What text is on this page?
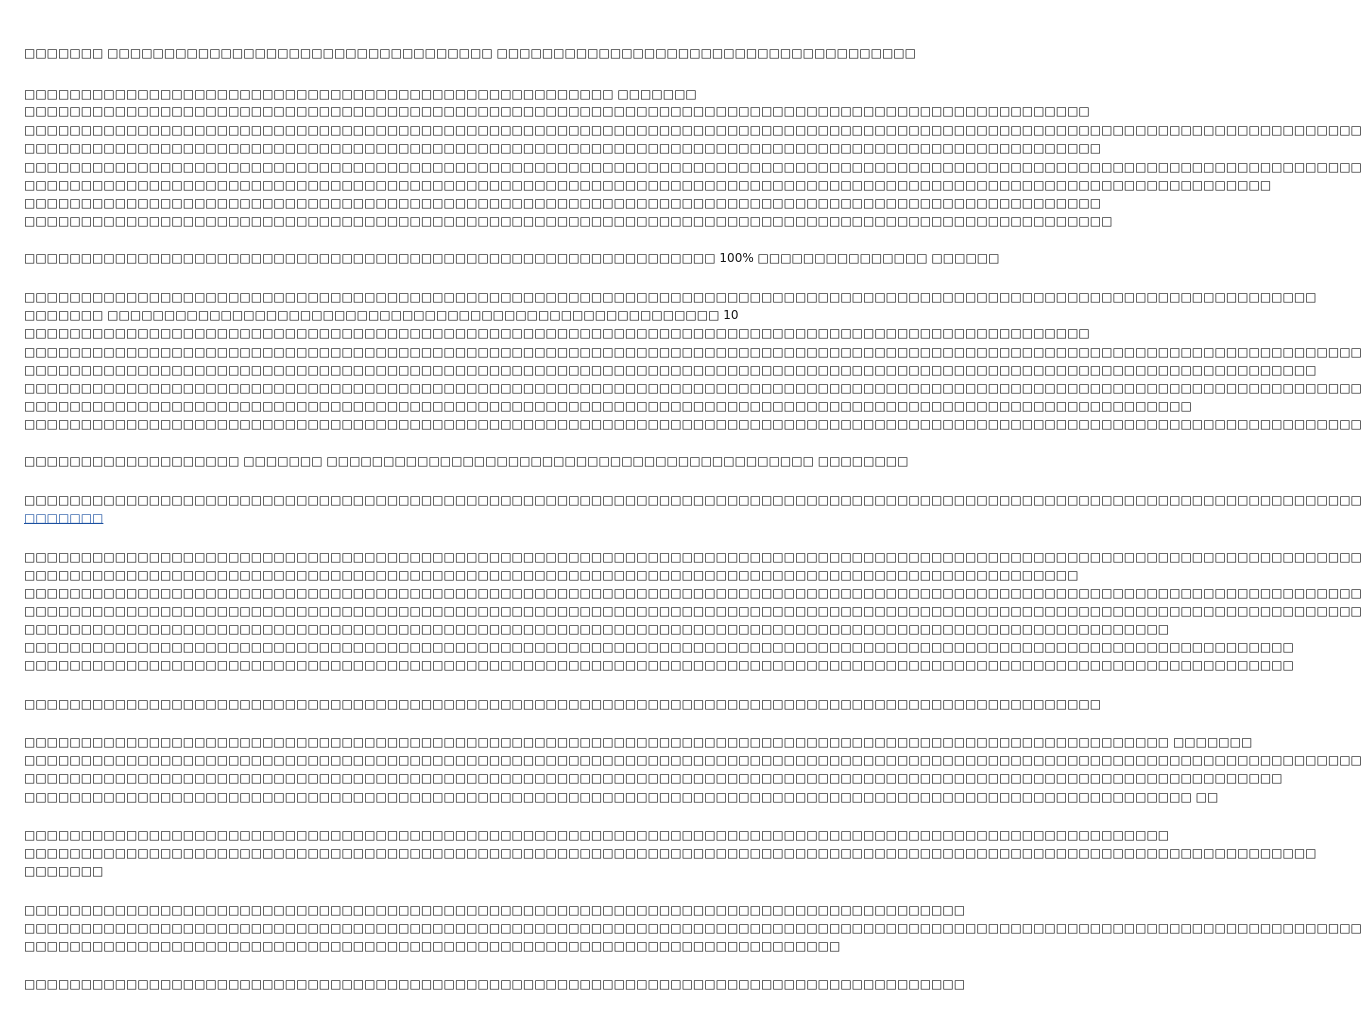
□□□□□□□ □□□□□□□□□□□□□□□□□□□□□□□□□□□□□□□□□□ □□□□□□□□□□□□□□□□□□□□□□□□□□□□□□□□□□□□□
□□□□□□□□□□□□□□□□□□□□□□□□□□□□□□□□□□□□□□□□□□□□□□□□□□□□ □□□□□□□
□□□□□□□□□□□□□□□□□□□□□□□□□□□□□□□□□□□□□□□□□□□□□□□□□□□□□□□□□□□□□□□□□□□□□□□□□□□□□□□□□□□□□□□□□□□□□□
□□□□□□□□□□□□□□□□□□□□□□□□□□□□□□□□□□□□□□□□□□□□□□□□□□□□□□□□□□□□□□□□□□□□□□□□□□□□□□□□□□□□□□□□□□□□□□□□□□□□□□□□□□□□□□□□□□□□□□
□□□□□□□□□□□□□□□□□□□□□□□□□□□□□□□□□□□□□□□□□□□□□□□□□□□□□□□□□□□□□□□□□□□□□□□□□□□□□□□□□□□□□□□□□□□□□□□
□□□□□□□□□□□□□□□□□□□□□□□□□□□□□□□□□□□□□□□□□□□□□□□□□□□□□□□□□□□□□□□□□□□□□□□□□□□□□□□□□□□□□□□□□□□□□□□□□□□□□□□□□□□□□□□□□□□□□□
□□□□□□□□□□□□□□□□□□□□□□□□□□□□□□□□□□□□□□□□□□□□□□□□□□□□□□□□□□□□□□□□□□□□□□□□□□□□□□□□□□□□□□□□□□□□□□□□□□□□□□□□□□□□□□
□□□□□□□□□□□□□□□□□□□□□□□□□□□□□□□□□□□□□□□□□□□□□□□□□□□□□□□□□□□□□□□□□□□□□□□□□□□□□□□□□□□□□□□□□□□□□□□
□□□□□□□□□□□□□□□□□□□□□□□□□□□□□□□□□□□□□□□□□□□□□□□□□□□□□□□□□□□□□□□□□□□□□□□□□□□□□□□□□□□□□□□□□□□□□□□□
□□□□□□□□□□□□□□□□□□□□□□□□□□□□□□□□□□□□□□□□□□□□□□□□□□□□□□□□□□□□□ 100% □□□□□□□□□□□□□□□ □□□□□□
□□□□□□□□□□□□□□□□□□□□□□□□□□□□□□□□□□□□□□□□□□□□□□□□□□□□□□□□□□□□□□□□□□□□□□□□□□□□□□□□□□□□□□□□□□□□□□□□□□□□□□□□□□□□□□□□□□
□□□□□□□ □□□□□□□□□□□□□□□□□□□□□□□□□□□□□□□□□□□□□□□□□□□□□□□□□□□□□□ 10
□□□□□□□□□□□□□□□□□□□□□□□□□□□□□□□□□□□□□□□□□□□□□□□□□□□□□□□□□□□□□□□□□□□□□□□□□□□□□□□□□□□□□□□□□□□□□□
□□□□□□□□□□□□□□□□□□□□□□□□□□□□□□□□□□□□□□□□□□□□□□□□□□□□□□□□□□□□□□□□□□□□□□□□□□□□□□□□□□□□□□□□□□□□□□□□□□□□□□□□□□□□□□□□□□□□□□
□□□□□□□□□□□□□□□□□□□□□□□□□□□□□□□□□□□□□□□□□□□□□□□□□□□□□□□□□□□□□□□□□□□□□□□□□□□□□□□□□□□□□□□□□□□□□□□□□□□□□□□□□□□□□□□□□□
□□□□□□□□□□□□□□□□□□□□□□□□□□□□□□□□□□□□□□□□□□□□□□□□□□□□□□□□□□□□□□□□□□□□□□□□□□□□□□□□□□□□□□□□□□□□□□□□□□□□□□□□□□□□□□□□□□□□□□
□□□□□□□□□□□□□□□□□□□□□□□□□□□□□□□□□□□□□□□□□□□□□□□□□□□□□□□□□□□□□□□□□□□□□□□□□□□□□□□□□□□□□□□□□□□□□□□□□□□□□□□
□□□□□□□□□□□□□□□□□□□□□□□□□□□□□□□□□□□□□□□□□□□□□□□□□□□□□□□□□□□□□□□□□□□□□□□□□□□□□□□□□□□□□□□□□□□□□□□□□□□□□□□□□□□□□□□□□□□□□□
□□□□□□□□□□□□□□□□□□□ □□□□□□□ □□□□□□□□□□□□□□□□□□□□□□□□□□□□□□□□□□□□□□□□□□□ □□□□□□□□
□□□□□□□□□□□□□□□□□□□□□□□□□□□□□□□□□□□□□□□□□□□□□□□□□□□□□□□□□□□□□□□□□□□□□□□□□□□□□□□□□□□□□□□□□□□□□□□□□□□□□□□□□□□□□□□□□□□□□□
□□□□□□□
□□□□□□□□□□□□□□□□□□□□□□□□□□□□□□□□□□□□□□□□□□□□□□□□□□□□□□□□□□□□□□□□□□□□□□□□□□□□□□□□□□□□□□□□□□□□□□□□□□□□□□□□□□□□□□□□□□□□□□
□□□□□□□□□□□□□□□□□□□□□□□□□□□□□□□□□□□□□□□□□□□□□□□□□□□□□□□□□□□□□□□□□□□□□□□□□□□□□□□□□□□□□□□□□□□□□
□□□□□□□□□□□□□□□□□□□□□□□□□□□□□□□□□□□□□□□□□□□□□□□□□□□□□□□□□□□□□□□□□□□□□□□□□□□□□□□□□□□□□□□□□□□□□□□□□□□□□□□□□□□□□□□□□□□□□□
□□□□□□□□□□□□□□□□□□□□□□□□□□□□□□□□□□□□□□□□□□□□□□□□□□□□□□□□□□□□□□□□□□□□□□□□□□□□□□□□□□□□□□□□□□□□□□□□□□□□□□□□□□□□□□□□□□□□□□
□□□□□□□□□□□□□□□□□□□□□□□□□□□□□□□□□□□□□□□□□□□□□□□□□□□□□□□□□□□□□□□□□□□□□□□□□□□□□□□□□□□□□□□□□□□□□□□□□□□□□
□□□□□□□□□□□□□□□□□□□□□□□□□□□□□□□□□□□□□□□□□□□□□□□□□□□□□□□□□□□□□□□□□□□□□□□□□□□□□□□□□□□□□□□□□□□□□□□□□□□□□□□□□□□□□□□□
□□□□□□□□□□□□□□□□□□□□□□□□□□□□□□□□□□□□□□□□□□□□□□□□□□□□□□□□□□□□□□□□□□□□□□□□□□□□□□□□□□□□□□□□□□□□□□□□□□□□□□□□□□□□□□□□
□□□□□□□□□□□□□□□□□□□□□□□□□□□□□□□□□□□□□□□□□□□□□□□□□□□□□□□□□□□□□□□□□□□□□□□□□□□□□□□□□□□□□□□□□□□□□□□
□□□□□□□□□□□□□□□□□□□□□□□□□□□□□□□□□□□□□□□□□□□□□□□□□□□□□□□□□□□□□□□□□□□□□□□□□□□□□□□□□□□□□□□□□□□□□□□□□□□□□ □□□□□□□
□□□□□□□□□□□□□□□□□□□□□□□□□□□□□□□□□□□□□□□□□□□□□□□□□□□□□□□□□□□□□□□□□□□□□□□□□□□□□□□□□□□□□□□□□□□□□□□□□□□□□□□□□□□□□□□□□□□□□□
□□□□□□□□□□□□□□□□□□□□□□□□□□□□□□□□□□□□□□□□□□□□□□□□□□□□□□□□□□□□□□□□□□□□□□□□□□□□□□□□□□□□□□□□□□□□□□□□□□□□□□□□□□□□□□□
□□□□□□□□□□□□□□□□□□□□□□□□□□□□□□□□□□□□□□□□□□□□□□□□□□□□□□□□□□□□□□□□□□□□□□□□□□□□□□□□□□□□□□□□□□□□□□□□□□□□□□□ □□
□□□□□□□□□□□□□□□□□□□□□□□□□□□□□□□□□□□□□□□□□□□□□□□□□□□□□□□□□□□□□□□□□□□□□□□□□□□□□□□□□□□□□□□□□□□□□□□□□□□□□
□□□□□□□□□□□□□□□□□□□□□□□□□□□□□□□□□□□□□□□□□□□□□□□□□□□□□□□□□□□□□□□□□□□□□□□□□□□□□□□□□□□□□□□□□□□□□□□□□□□□□□□□□□□□□□□□□□
□□□□□□□
□□□□□□□□□□□□□□□□□□□□□□□□□□□□□□□□□□□□□□□□□□□□□□□□□□□□□□□□□□□□□□□□□□□□□□□□□□□□□□□□□□□
□□□□□□□□□□□□□□□□□□□□□□□□□□□□□□□□□□□□□□□□□□□□□□□□□□□□□□□□□□□□□□□□□□□□□□□□□□□□□□□□□□□□□□□□□□□□□□□□□□□□□□□□□□□□□□□□□□□□□□
□□□□□□□□□□□□□□□□□□□□□□□□□□□□□□□□□□□□□□□□□□□□□□□□□□□□□□□□□□□□□□□□□□□□□□□□
□□□□□□□□□□□□□□□□□□□□□□□□□□□□□□□□□□□□□□□□□□□□□□□□□□□□□□□□□□□□□□□□□□□□□□□□□□□□□□□□□□□
